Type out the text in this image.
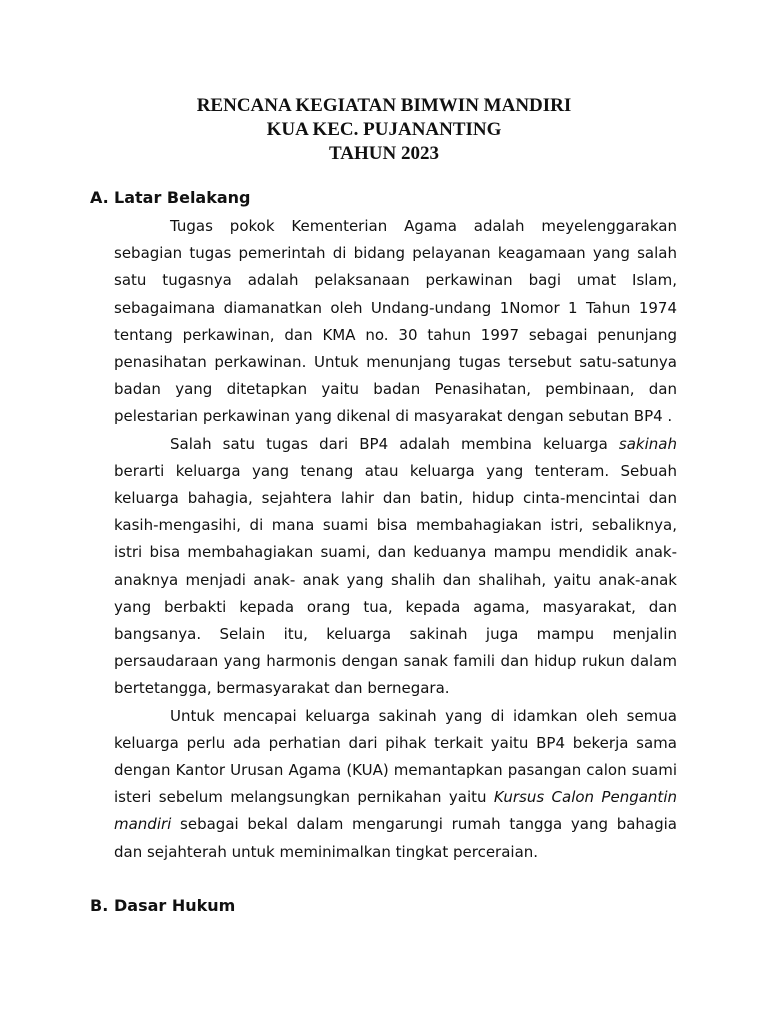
RENCANA KEGIATAN BIMWIN MANDIRI
KUA KEC. PUJANANTING
TAHUN 2023
A. Latar Belakang

Tugas pokok Kementerian Agama adalah meyelenggarakan sebagian tugas pemerintah di bidang pelayanan keagamaan yang salah satu tugasnya adalah pelaksanaan perkawinan bagi umat Islam, sebagaimana diamanatkan oleh Undang-undang 1Nomor 1 Tahun 1974 tentang perkawinan, dan KMA no. 30 tahun 1997 sebagai penunjang penasihatan perkawinan. Untuk menunjang tugas tersebut satu-satunya badan yang ditetapkan yaitu badan Penasihatan, pembinaan, dan pelestarian perkawinan yang dikenal di masyarakat dengan sebutan BP4 .

Salah satu tugas dari BP4 adalah membina keluarga sakinah berarti keluarga yang tenang atau keluarga yang tenteram. Sebuah keluarga bahagia, sejahtera lahir dan batin, hidup cinta-mencintai dan kasih-mengasihi, di mana suami bisa membahagiakan istri, sebaliknya, istri bisa membahagiakan suami, dan keduanya mampu mendidik anak-anaknya menjadi anak- anak yang shalih dan shalihah, yaitu anak-anak yang berbakti kepada orang tua, kepada agama, masyarakat, dan bangsanya. Selain itu, keluarga sakinah juga mampu menjalin persaudaraan yang harmonis dengan sanak famili dan hidup rukun dalam bertetangga, bermasyarakat dan bernegara.

Untuk mencapai keluarga sakinah yang di idamkan oleh semua keluarga perlu ada perhatian dari pihak terkait yaitu BP4 bekerja sama dengan Kantor Urusan Agama (KUA) memantapkan pasangan calon suami isteri sebelum melangsungkan pernikahan yaitu Kursus Calon Pengantin mandiri sebagai bekal dalam mengarungi rumah tangga yang bahagia dan sejahterah untuk meminimalkan tingkat perceraian.

B. Dasar Hukum
